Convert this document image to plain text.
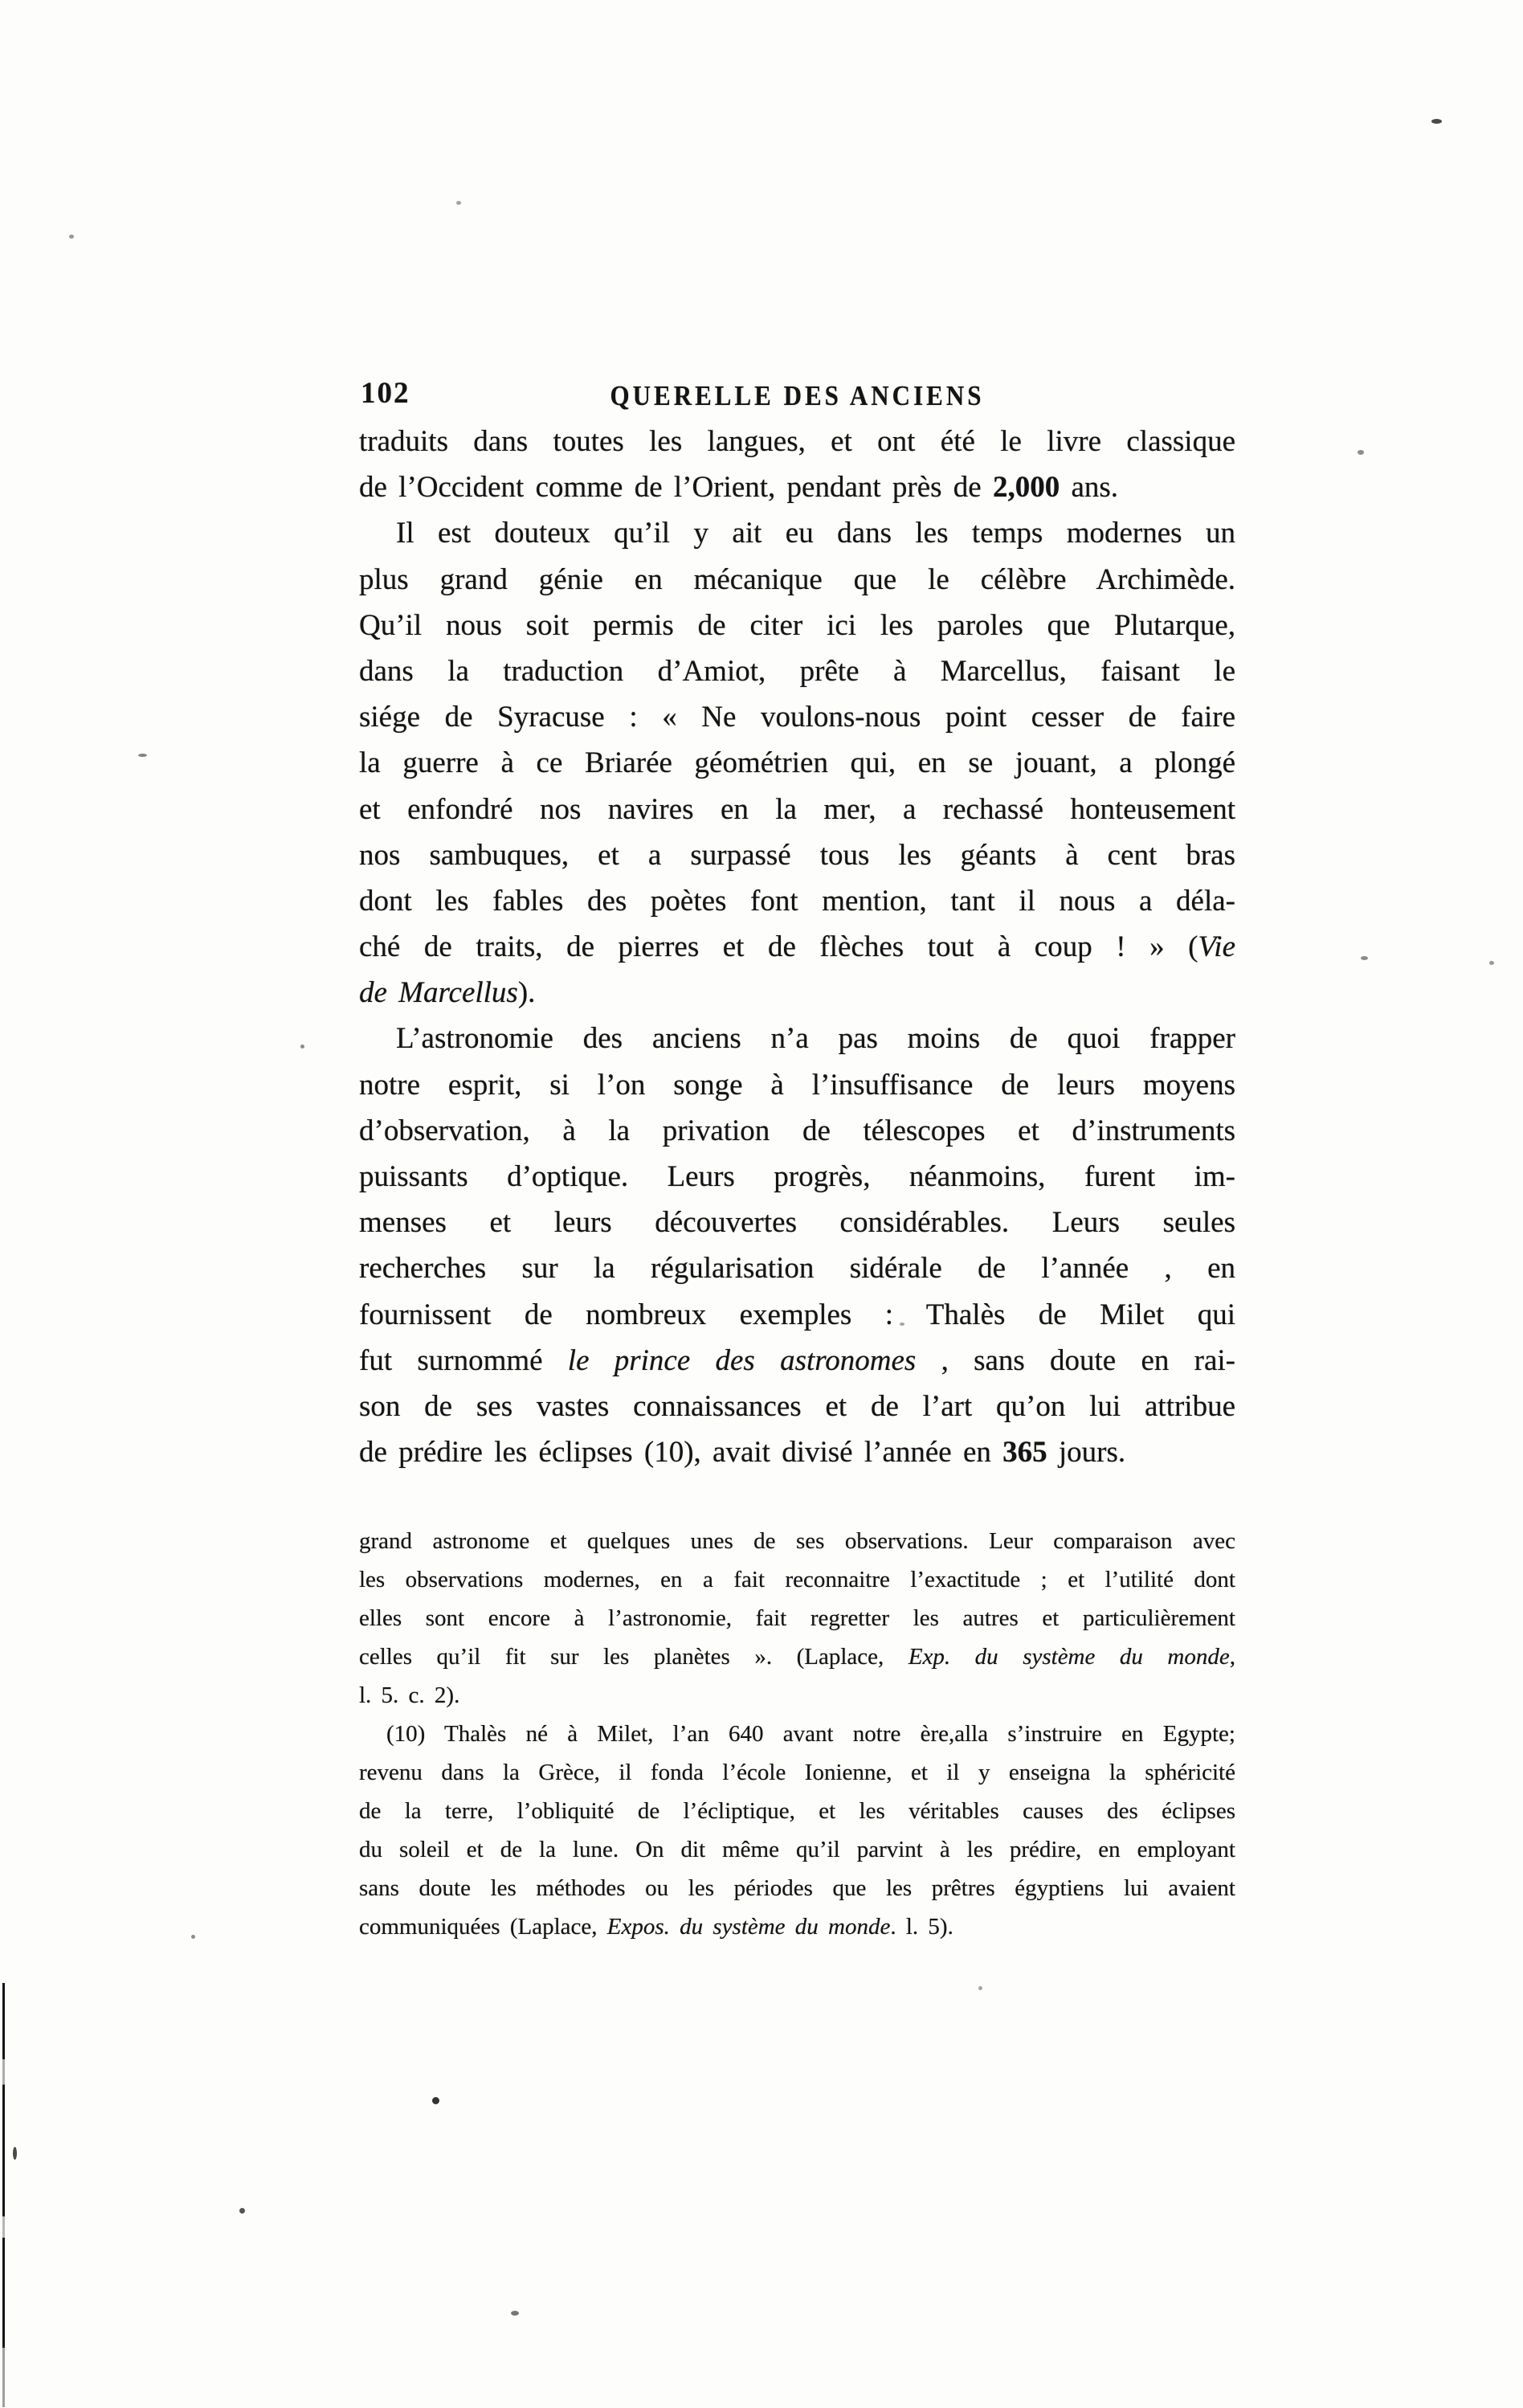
102	QUERELLE DES ANCIENS
traduits dans toutes les langues, et ont été le livre classique
de l’Occident comme de l’Orient, pendant près de 2,000 ans.
Il est douteux qu’il y ait eu dans les temps modernes un
plus grand génie en mécanique que le célèbre Archimède.
Qu’il nous soit permis de citer ici les paroles que Plutarque,
dans la traduction d’Amiot, prête à Marcellus, faisant le
siége de Syracuse : « Ne voulons-nous point cesser de faire
la guerre à ce Briarée géométrien qui, en se jouant, a plongé
et enfondré nos navires en la mer, a rechassé honteusement
nos sambuques, et a surpassé tous les géants à cent bras
dont les fables des poètes font mention, tant il nous a déla-
ché de traits, de pierres et de flèches tout à coup ! » (Vie
de Marcellus).
L’astronomie des anciens n’a pas moins de quoi frapper
notre esprit, si l’on songe à l’insuffisance de leurs moyens
d’observation, à la privation de télescopes et d’instruments
puissants d’optique. Leurs progrès, néanmoins, furent im-
menses et leurs découvertes considérables. Leurs seules
recherches sur la régularisation sidérale de l’année , en
fournissent de nombreux exemples : Thalès de Milet qui
fut surnommé le prince des astronomes , sans doute en rai-
son de ses vastes connaissances et de l’art qu’on lui attribue
de prédire les éclipses (10), avait divisé l’année en 365 jours.
grand astronome et quelques unes de ses observations. Leur comparaison avec
les observations modernes, en a fait reconnaitre l’exactitude ; et l’utilité dont
elles sont encore à l’astronomie, fait regretter les autres et particulièrement
celles qu’il fit sur les planètes ». (Laplace, Exp. du système du monde,
l. 5. c. 2).
(10) Thalès né à Milet, l’an 640 avant notre ère,alla s’instruire en Egypte;
revenu dans la Grèce, il fonda l’école Ionienne, et il y enseigna la sphéricité
de la terre, l’obliquité de l’écliptique, et les véritables causes des éclipses
du soleil et de la lune. On dit même qu’il parvint à les prédire, en employant
sans doute les méthodes ou les périodes que les prêtres égyptiens lui avaient
communiquées (Laplace, Expos. du système du monde. l. 5).
